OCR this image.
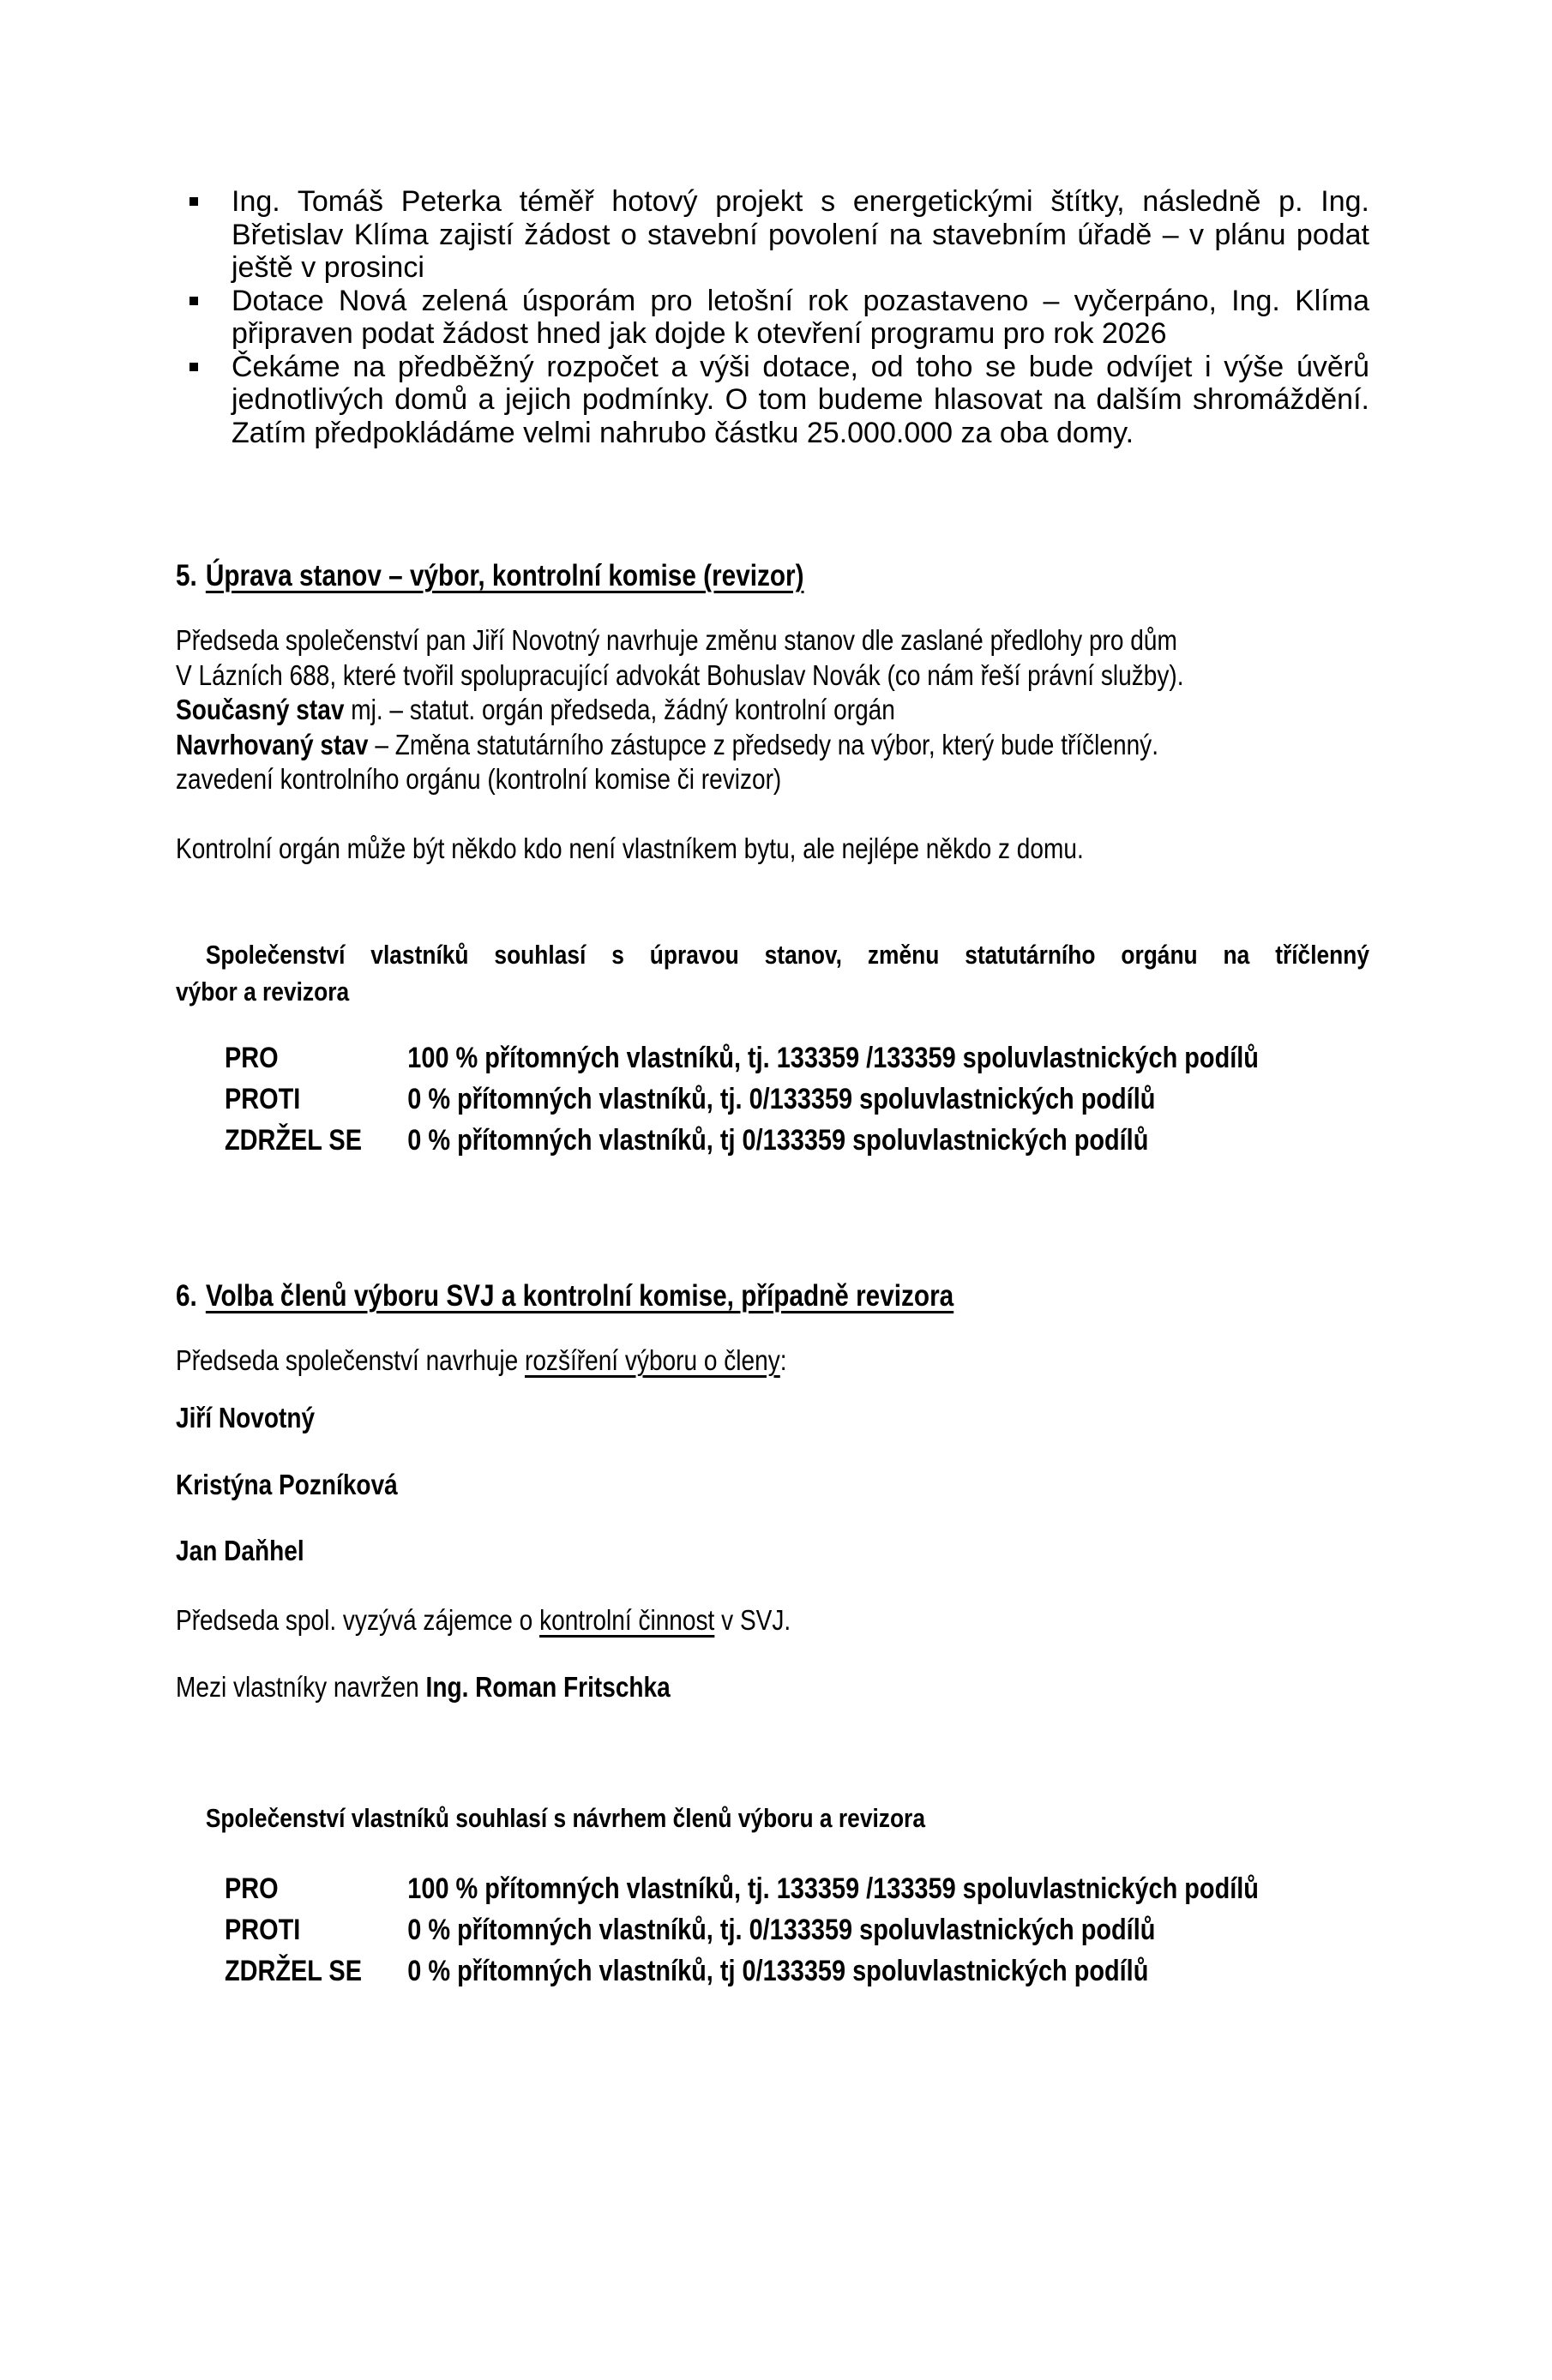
Ing. Tomáš Peterka téměř hotový projekt s energetickými štítky, následně p. Ing. Břetislav Klíma zajistí žádost o stavební povolení na stavebním úřadě – v plánu podat ještě v prosinci
Dotace Nová zelená úsporám pro letošní rok pozastaveno – vyčerpáno, Ing. Klíma připraven podat žádost hned jak dojde k otevření programu pro rok 2026
Čekáme na předběžný rozpočet a výši dotace, od toho se bude odvíjet i výše úvěrů jednotlivých domů a jejich podmínky. O tom budeme hlasovat na dalším shromáždění. Zatím předpokládáme velmi nahrubo částku 25.000.000 za oba domy.
5. Úprava stanov – výbor, kontrolní komise (revizor)
Předseda společenství pan Jiří Novotný navrhuje změnu stanov dle zaslané předlohy pro dům
V Lázních 688, které tvořil spolupracující advokát Bohuslav Novák (co nám řeší právní služby).
Současný stav mj. – statut. orgán předseda, žádný kontrolní orgán
Navrhovaný stav – Změna statutárního zástupce z předsedy na výbor, který bude tříčlenný.
zavedení kontrolního orgánu (kontrolní komise či revizor)

Kontrolní orgán může být někdo kdo není vlastníkem bytu, ale nejlépe někdo z domu.

Společenství vlastníků souhlasí s úpravou stanov, změnu statutárního orgánu na tříčlenný
výbor a revizora
PRO	100 % přítomných vlastníků, tj. 133359 /133359 spoluvlastnických podílů
PROTI	0 % přítomných vlastníků, tj. 0/133359 spoluvlastnických podílů
ZDRŽEL SE	0 % přítomných vlastníků, tj 0/133359 spoluvlastnických podílů
6. Volba členů výboru SVJ a kontrolní komise, případně revizora

Předseda společenství navrhuje rozšíření výboru o členy:

Jiří Novotný

Kristýna Pozníková

Jan Daňhel

Předseda spol. vyzývá zájemce o kontrolní činnost v SVJ.

Mezi vlastníky navržen Ing. Roman Fritschka

Společenství vlastníků souhlasí s návrhem členů výboru a revizora
PRO	100 % přítomných vlastníků, tj. 133359 /133359 spoluvlastnických podílů
PROTI	0 % přítomných vlastníků, tj. 0/133359 spoluvlastnických podílů
ZDRŽEL SE	0 % přítomných vlastníků, tj 0/133359 spoluvlastnických podílů
